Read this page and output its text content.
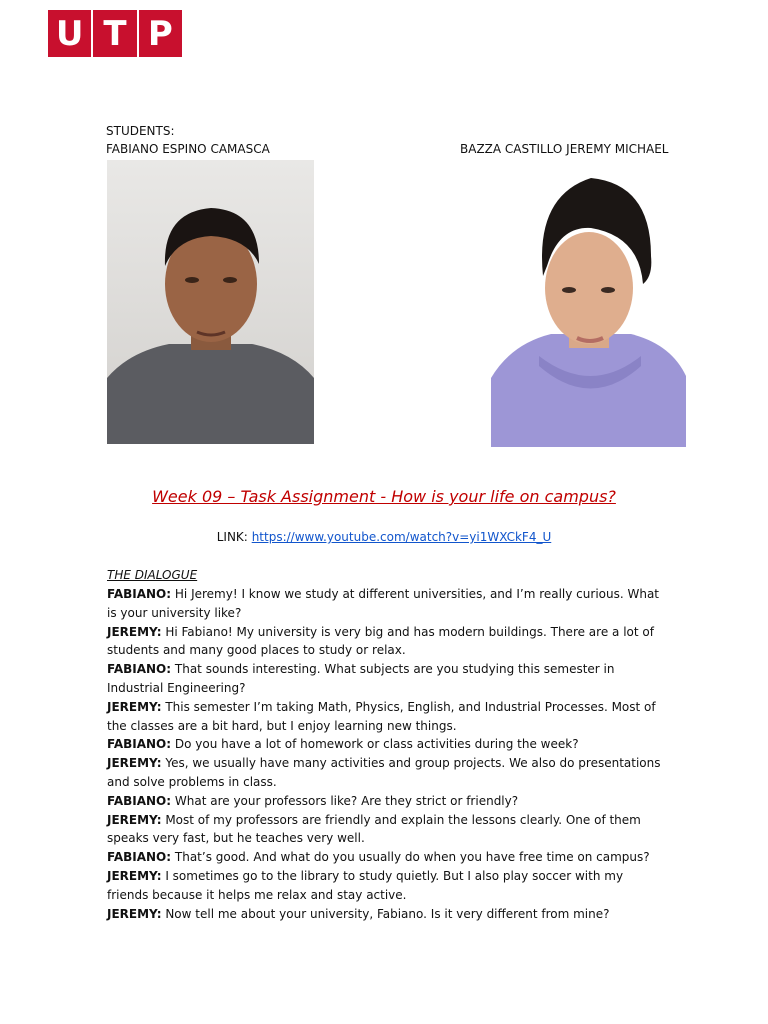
U T P
STUDENTS:
FABIANO ESPINO CAMASCA	BAZZA CASTILLO JEREMY MICHAEL
Week 09 – Task Assignment - How is your life on campus?
LINK: https://www.youtube.com/watch?v=yi1WXCkF4_U
THE DIALOGUE

FABIANO: Hi Jeremy! I know we study at different universities, and I’m really curious. What is your university like?

JEREMY: Hi Fabiano! My university is very big and has modern buildings. There are a lot of students and many good places to study or relax.

FABIANO: That sounds interesting. What subjects are you studying this semester in Industrial Engineering?

JEREMY: This semester I’m taking Math, Physics, English, and Industrial Processes. Most of the classes are a bit hard, but I enjoy learning new things.

FABIANO: Do you have a lot of homework or class activities during the week?

JEREMY: Yes, we usually have many activities and group projects. We also do presentations and solve problems in class.

FABIANO: What are your professors like? Are they strict or friendly?

JEREMY: Most of my professors are friendly and explain the lessons clearly. One of them speaks very fast, but he teaches very well.

FABIANO: That’s good. And what do you usually do when you have free time on campus?

JEREMY: I sometimes go to the library to study quietly. But I also play soccer with my friends because it helps me relax and stay active.

JEREMY: Now tell me about your university, Fabiano. Is it very different from mine?
